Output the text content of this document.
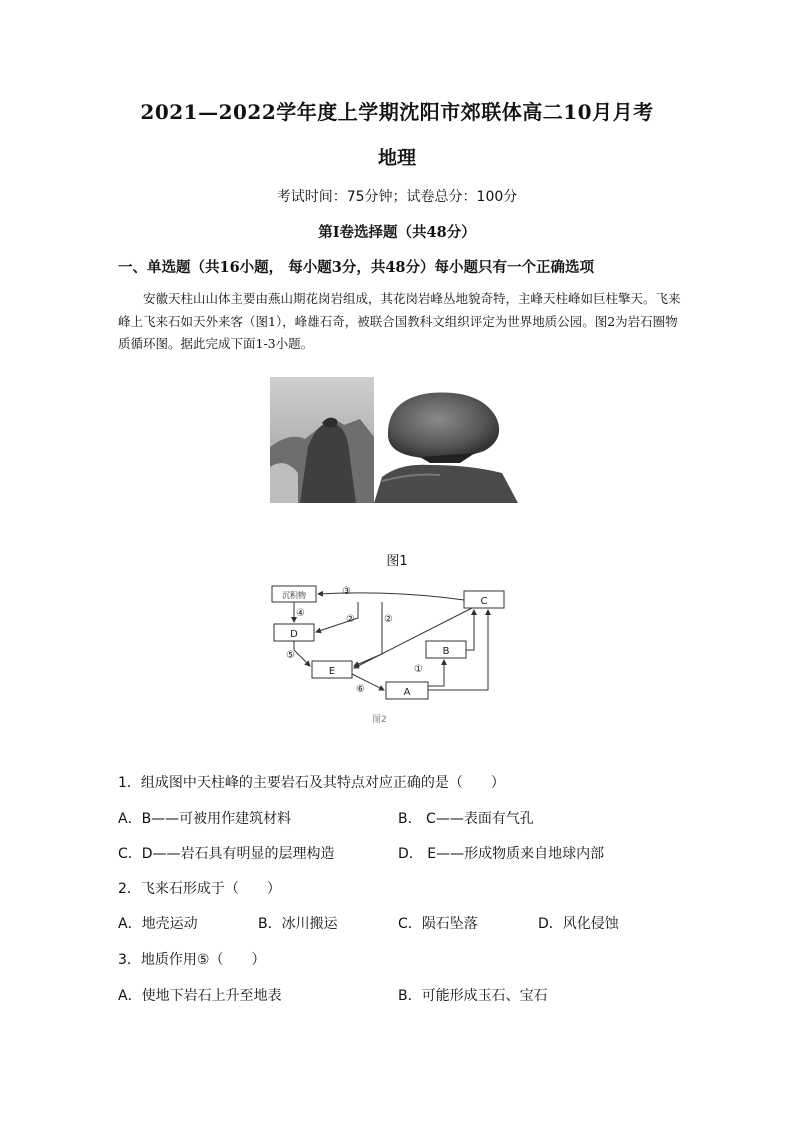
2021—2022学年度上学期沈阳市郊联体高二10月月考
地理
考试时间：75分钟；试卷总分：100分
第Ⅰ卷选择题（共48分）
一、单选题（共16小题， 每小题3分，共48分）每小题只有一个正确选项
安徽天柱山山体主要由燕山期花岗岩组成，其花岗岩峰丛地貌奇特，主峰天柱峰如巨柱擎天。飞来峰上飞来石如天外来客（图1），峰雄石奇，被联合国教科文组织评定为世界地质公园。图2为岩石圈物质循环图。据此完成下面1-3小题。
图1
沉积物
D
E
B
C
A
③
④
②	②
⑤
⑥
①
图2
1．组成图中天柱峰的主要岩石及其特点对应正确的是（　　）
A．B——可被用作建筑材料	B． C——表面有气孔
C．D——岩石具有明显的层理构造	D． E——形成物质来自地球内部
2．飞来石形成于（　　）
A．地壳运动	B．冰川搬运	C．陨石坠落	D．风化侵蚀
3．地质作用⑤（　　）
A．使地下岩石上升至地表	B．可能形成玉石、宝石
